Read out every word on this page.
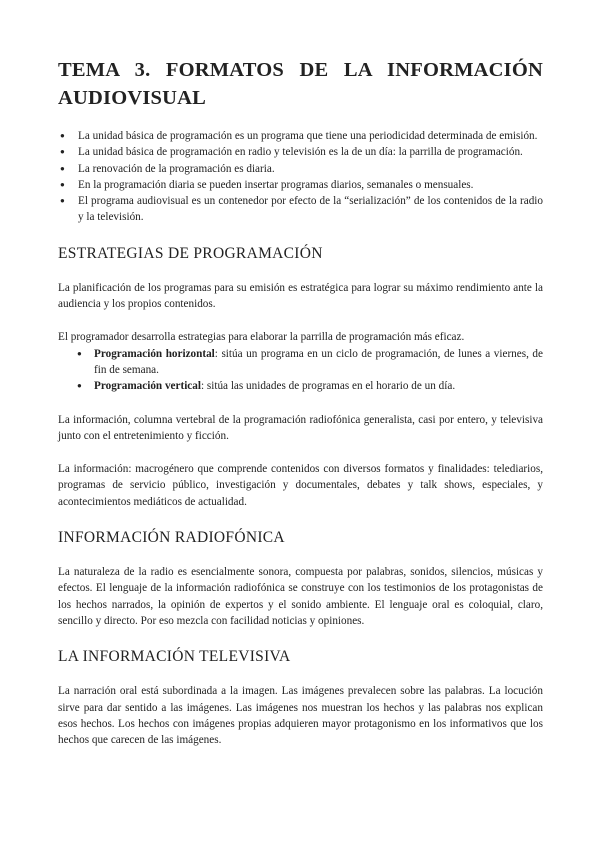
TEMA 3. FORMATOS DE LA INFORMACIÓN AUDIOVISUAL
● La unidad básica de programación es un programa que tiene una periodicidad determinada de emisión.
● La unidad básica de programación en radio y televisión es la de un día: la parrilla de programación.
● La renovación de la programación es diaria.
● En la programación diaria se pueden insertar programas diarios, semanales o mensuales.
● El programa audiovisual es un contenedor por efecto de la “serialización” de los contenidos de la radio y la televisión.
ESTRATEGIAS DE PROGRAMACIÓN

La planificación de los programas para su emisión es estratégica para lograr su máximo rendimiento ante la audiencia y los propios contenidos.

El programador desarrolla estrategias para elaborar la parrilla de programación más eficaz.

● Programación horizontal: sitúa un programa en un ciclo de programación, de lunes a viernes, de fin de semana.
● Programación vertical: sitúa las unidades de programas en el horario de un día.

La información, columna vertebral de la programación radiofónica generalista, casi por entero, y televisiva junto con el entretenimiento y ficción.

La información: macrogénero que comprende contenidos con diversos formatos y finalidades: telediarios, programas de servicio público, investigación y documentales, debates y talk shows, especiales, y acontecimientos mediáticos de actualidad.

INFORMACIÓN RADIOFÓNICA

La naturaleza de la radio es esencialmente sonora, compuesta por palabras, sonidos, silencios, músicas y efectos. El lenguaje de la información radiofónica se construye con los testimonios de los protagonistas de los hechos narrados, la opinión de expertos y el sonido ambiente. El lenguaje oral es coloquial, claro, sencillo y directo. Por eso mezcla con facilidad noticias y opiniones.

LA INFORMACIÓN TELEVISIVA

La narración oral está subordinada a la imagen. Las imágenes prevalecen sobre las palabras. La locución sirve para dar sentido a las imágenes. Las imágenes nos muestran los hechos y las palabras nos explican esos hechos. Los hechos con imágenes propias adquieren mayor protagonismo en los informativos que los hechos que carecen de las imágenes.
